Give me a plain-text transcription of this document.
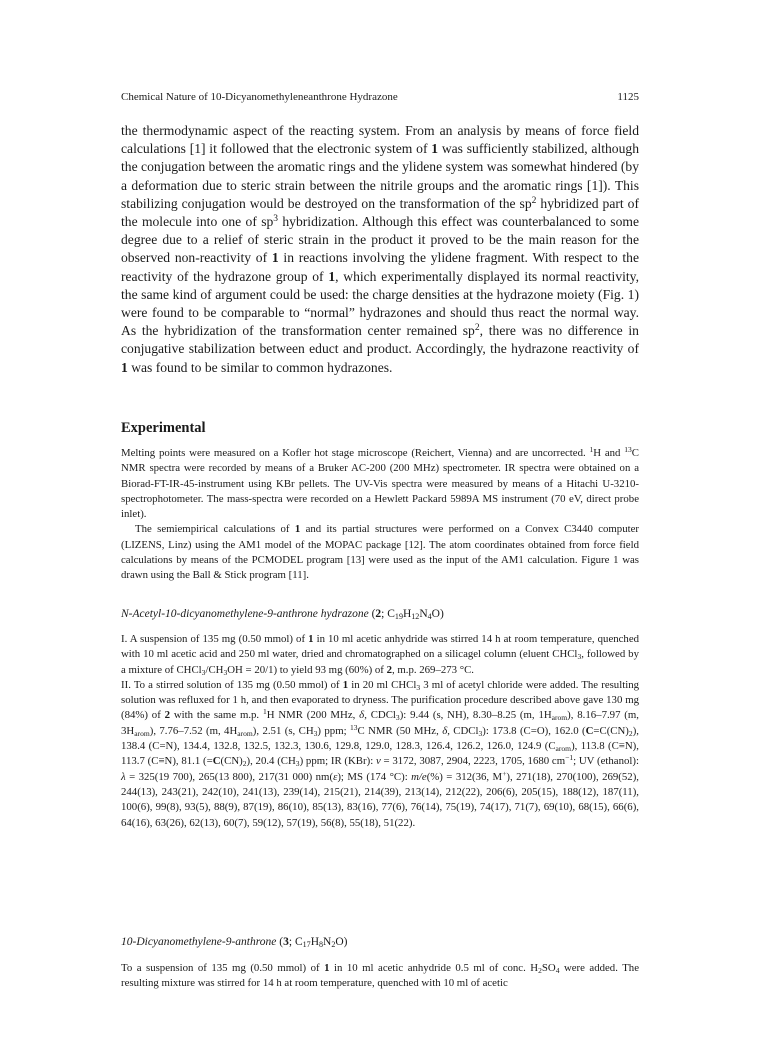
Chemical Nature of 10-Dicyanomethyleneanthrone Hydrazone	1125

the thermodynamic aspect of the reacting system. From an analysis by means of force field calculations [1] it followed that the electronic system of 1 was sufficiently stabilized, although the conjugation between the aromatic rings and the ylidene system was somewhat hindered (by a deformation due to steric strain between the nitrile groups and the aromatic rings [1]). This stabilizing conjugation would be destroyed on the transformation of the $sp^2$ hybridized part of the molecule into one of $sp^3$ hybridization. Although this effect was counterbalanced to some degree due to a relief of steric strain in the product it proved to be the main reason for the observed non-reactivity of 1 in reactions involving the ylidene fragment. With respect to the reactivity of the hydrazone group of 1, which experimentally displayed its normal reactivity, the same kind of argument could be used: the charge densities at the hydrazone moiety (Fig. 1) were found to be comparable to “normal” hydrazones and should thus react the normal way. As the hybridization of the transformation center remained $sp^2$, there was no difference in conjugative stabilization between educt and product. Accordingly, the hydrazone reactivity of 1 was found to be similar to common hydrazones.

Experimental

Melting points were measured on a Kofler hot stage microscope (Reichert, Vienna) and are uncorrected. $^1$H and $^{13}$C NMR spectra were recorded by means of a Bruker AC-200 (200 MHz) spectrometer. IR spectra were obtained on a Biorad-FT-IR-45-instrument using KBr pellets. The UV-Vis spectra were measured by means of a Hitachi U-3210-spectrophotometer. The mass-spectra were recorded on a Hewlett Packard 5989A MS instrument (70 eV, direct probe inlet).

The semiempirical calculations of 1 and its partial structures were performed on a Convex C3440 computer (LIZENS, Linz) using the AM1 model of the MOPAC package [12]. The atom coordinates obtained from force field calculations by means of the PCMODEL program [13] were used as the input of the AM1 calculation. Figure 1 was drawn using the Ball & Stick program [11].

N-Acetyl-10-dicyanomethylene-9-anthrone hydrazone (2; $C_{19}H_{12}N_4O$)

I. A suspension of 135 mg (0.50 mmol) of 1 in 10 ml acetic anhydride was stirred 14 h at room temperature, quenched with 10 ml acetic acid and 250 ml water, dried and chromatographed on a silicagel column (eluent CHCl$_3$, followed by a mixture of $CHCl_3/CH_3OH = 20/1$) to yield 93 mg (60%) of 2, m.p. 269–273 °C.

II. To a stirred solution of 135 mg (0.50 mmol) of 1 in 20 ml CHCl$_3$ 3 ml of acetyl chloride were added. The resulting solution was refluxed for 1 h, and then evaporated to dryness. The purification procedure described above gave 130 mg (84%) of 2 with the same m.p. $^1$H NMR (200 MHz, δ, CDCl$_3$): 9.44 (s, NH), 8.30–8.25 (m, $1H_{arom}$), 8.16–7.97 (m, $3H_{arom}$), 7.76–7.52 (m, $4H_{arom}$), 2.51 (s, $CH_3$) ppm; $^{13}$C NMR (50 MHz, δ, CDCl$_3$): 173.8 (C=O), 162.0 $(C=C(CN)_2)$, 138.4 (C=N), 134.4, 132.8, 132.5, 132.3, 130.6, 129.8, 129.0, 128.3, 126.4, 126.2, 126.0, 124.9 $(C_{arom})$, 113.8 (C≡N), 113.7 (C≡N), 81.1 $(=C(CN)_2)$, 20.4 $(CH_3)$ ppm; IR (KBr): ν = 3172, 3087, 2904, 2223, 1705, 1680 $cm^{-1}$; UV (ethanol): λ = 325(19 700), 265(13 800), 217(31 000) nm(ε); MS (174 °C): m/e(%) = 312(36, M+), 271(18), 270(100), 269(52), 244(13), 243(21), 242(10), 241(13), 239(14), 215(21), 214(39), 213(14), 212(22), 206(6), 205(15), 188(12), 187(11), 100(6), 99(8), 93(5), 88(9), 87(19), 86(10), 85(13), 83(16), 77(6), 76(14), 75(19), 74(17), 71(7), 69(10), 68(15), 66(6), 64(16), 63(26), 62(13), 60(7), 59(12), 57(19), 56(8), 55(18), 51(22).

10-Dicyanomethylene-9-anthrone (3; $C_{17}H_8N_2O$)

To a suspension of 135 mg (0.50 mmol) of 1 in 10 ml acetic anhydride 0.5 ml of conc. $H_2SO_4$ were added. The resulting mixture was stirred for 14 h at room temperature, quenched with 10 ml of acetic
